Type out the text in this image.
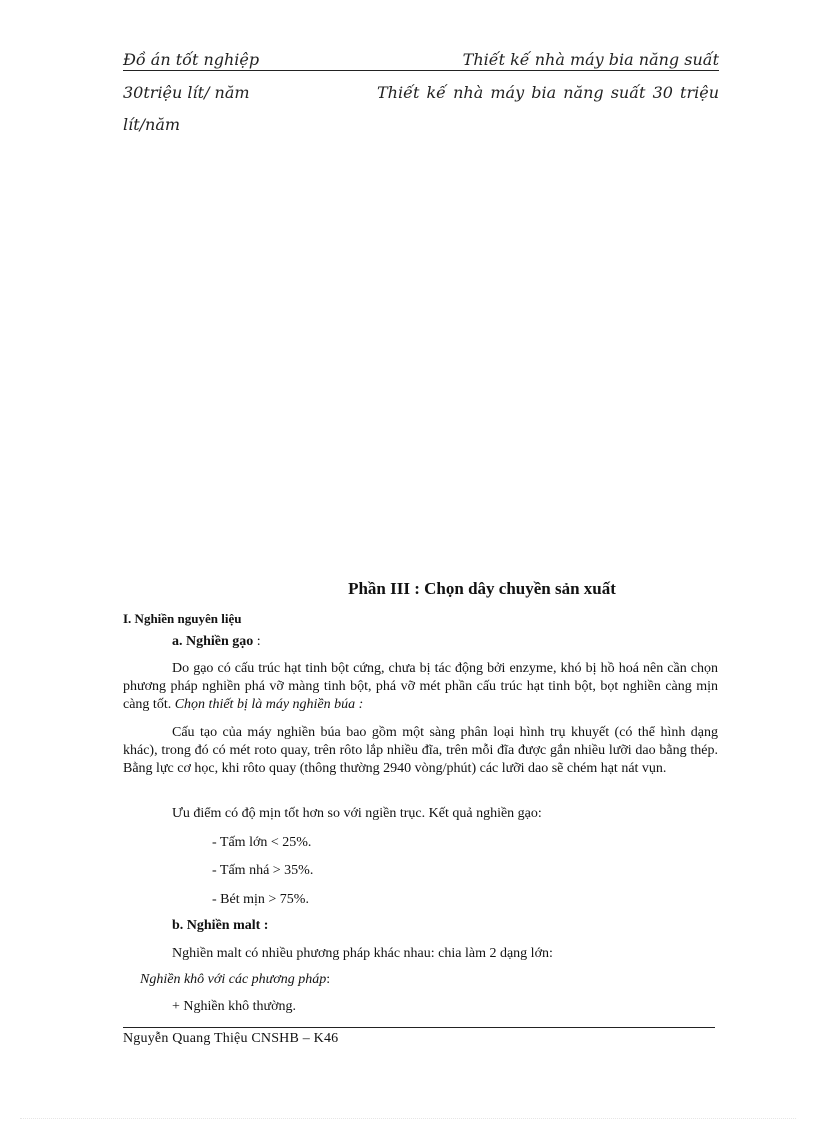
Đồ án tốt nghiệp	Thiết kế nhà máy bia năng suất
30triệu lít/ năm	Thiết kế nhà máy bia năng suất 30 triệu
lít/năm
Phần III : Chọn dây chuyền sản xuất
I. Nghiền nguyên liệu
a. Nghiền gạo :
Do gạo có cấu trúc hạt tinh bột cứng, chưa bị tác động bởi enzyme, khó bị hồ hoá nên cần chọn phương pháp nghiền phá vỡ màng tinh bột, phá vỡ mét phần cấu trúc hạt tinh bột, bọt nghiền càng mịn càng tốt. Chọn thiết bị là máy nghiền búa :
Cấu tạo của máy nghiền búa bao gồm một sàng phân loại hình trụ khuyết (có thể hình dạng khác), trong đó có mét roto quay, trên rôto lắp nhiều đĩa, trên mỗi đĩa được gắn nhiều lưỡi dao bằng thép. Bằng lực cơ học, khi rôto quay (thông thường 2940 vòng/phút) các lưỡi dao sẽ chém hạt nát vụn.
Ưu điểm có độ mịn tốt hơn so với ngiền trục. Kết quả nghiền gạo:
- Tấm lớn < 25%.
- Tấm nhá > 35%.
- Bét mịn > 75%.
b. Nghiền malt :
Nghiền malt có nhiều phương pháp khác nhau: chia làm 2 dạng lớn:
Nghiền khô với các phương pháp:
+ Nghiền khô thường.
Nguyễn Quang Thiệu CNSHB – K46
